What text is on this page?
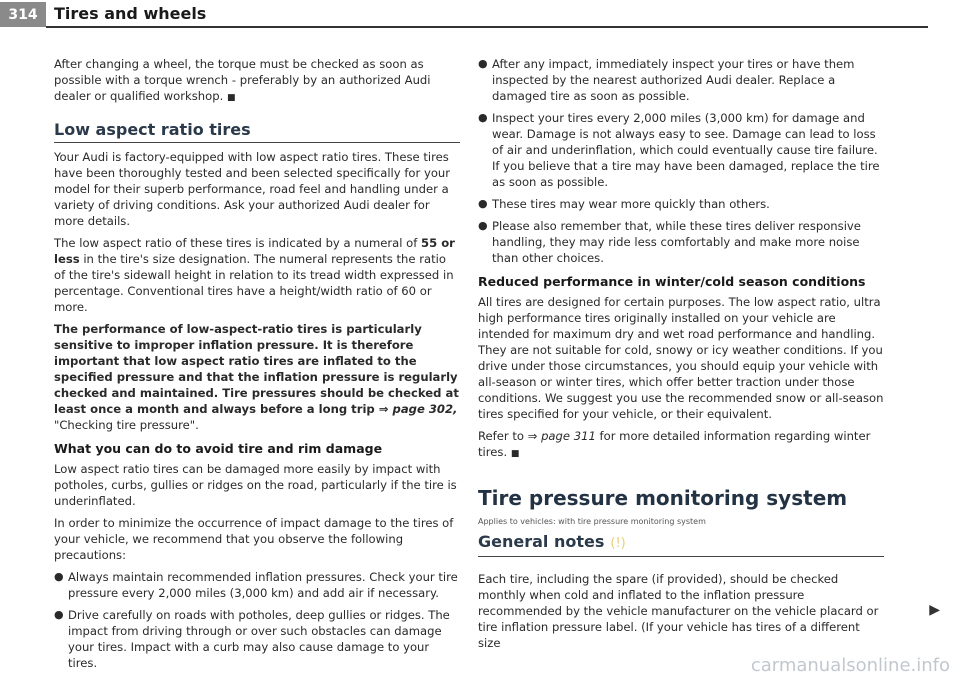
314	Tires and wheels

After changing a wheel, the torque must be checked as soon as possible with a torque wrench - preferably by an authorized Audi dealer or qualified workshop. ■

Low aspect ratio tires

Your Audi is factory-equipped with low aspect ratio tires. These tires have been thoroughly tested and been selected specifically for your model for their superb performance, road feel and handling under a variety of driving conditions. Ask your authorized Audi dealer for more details.

The low aspect ratio of these tires is indicated by a numeral of 55 or less in the tire's size designation. The numeral represents the ratio of the tire's sidewall height in relation to its tread width expressed in percentage. Conventional tires have a height/width ratio of 60 or more.

The performance of low-aspect-ratio tires is particularly sensitive to improper inflation pressure. It is therefore important that low aspect ratio tires are inflated to the specified pressure and that the inflation pressure is regularly checked and maintained. Tire pressures should be checked at least once a month and always before a long trip ⇒ page 302, "Checking tire pressure".

What you can do to avoid tire and rim damage

Low aspect ratio tires can be damaged more easily by impact with potholes, curbs, gullies or ridges on the road, particularly if the tire is underinflated.

In order to minimize the occurrence of impact damage to the tires of your vehicle, we recommend that you observe the following precautions:

● Always maintain recommended inflation pressures. Check your tire pressure every 2,000 miles (3,000 km) and add air if necessary.
● Drive carefully on roads with potholes, deep gullies or ridges. The impact from driving through or over such obstacles can damage your tires. Impact with a curb may also cause damage to your tires.
● After any impact, immediately inspect your tires or have them inspected by the nearest authorized Audi dealer. Replace a damaged tire as soon as possible.
● Inspect your tires every 2,000 miles (3,000 km) for damage and wear. Damage is not always easy to see. Damage can lead to loss of air and underinflation, which could eventually cause tire failure. If you believe that a tire may have been damaged, replace the tire as soon as possible.
● These tires may wear more quickly than others.
● Please also remember that, while these tires deliver responsive handling, they may ride less comfortably and make more noise than other choices.
Reduced performance in winter/cold season conditions

All tires are designed for certain purposes. The low aspect ratio, ultra high performance tires originally installed on your vehicle are intended for maximum dry and wet road performance and handling. They are not suitable for cold, snowy or icy weather conditions. If you drive under those circumstances, you should equip your vehicle with all-season or winter tires, which offer better traction under those conditions. We suggest you use the recommended snow or all-season tires specified for your vehicle, or their equivalent.

Refer to ⇒ page 311 for more detailed information regarding winter tires. ■

Tire pressure monitoring system
Applies to vehicles: with tire pressure monitoring system
General notes (!)

Each tire, including the spare (if provided), should be checked monthly when cold and inflated to the inflation pressure recommended by the vehicle manufacturer on the vehicle placard or tire inflation pressure label. (If your vehicle has tires of a different size

▶
carmanualsonline.info
